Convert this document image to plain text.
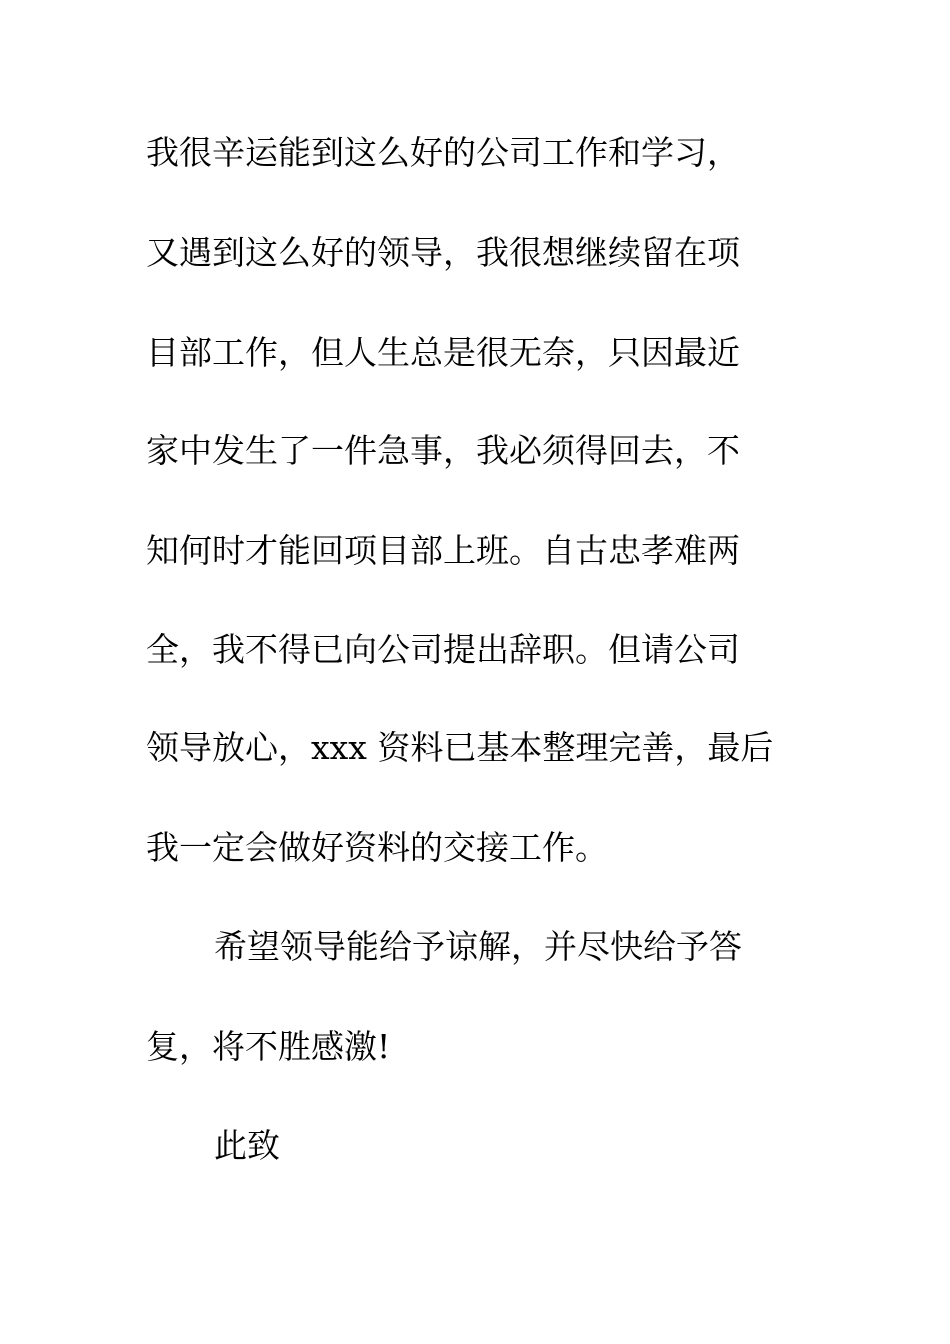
我很辛运能到这么好的公司工作和学习，
又遇到这么好的领导，我很想继续留在项
目部工作，但人生总是很无奈，只因最近
家中发生了一件急事，我必须得回去，不
知何时才能回项目部上班。自古忠孝难两
全，我不得已向公司提出辞职。但请公司
领导放心，xxx 资料已基本整理完善，最后
我一定会做好资料的交接工作。
希望领导能给予谅解，并尽快给予答
复，将不胜感激!
此致
